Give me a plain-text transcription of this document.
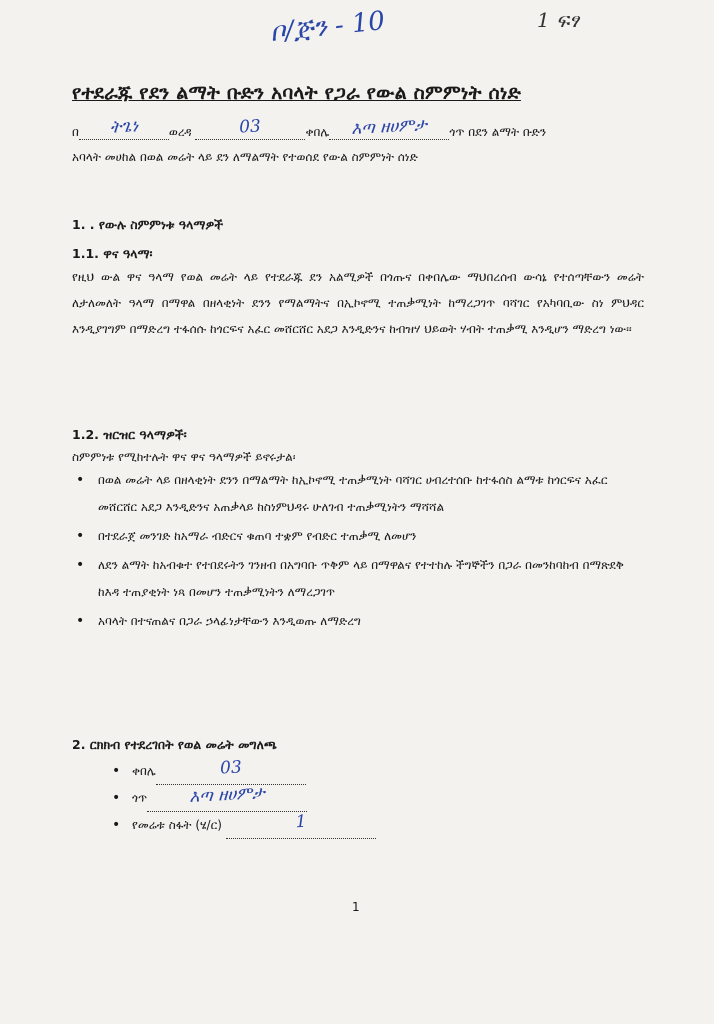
ቦ/ጅን - 10	1 ፍፃ
የተደራጁ የደን ልማት ቡድን አባላት የጋራ የውል ስምምነት ሰነድ
በ ትጌነ	ወረዳ	03	ቀበሌ እጣ ዘሀምታ ጎጥ በደን ልማት ቡድን
አባላት መሀከል በወል መሬት ላይ ደን ለማልማት የተወሰደ የውል ስምምነት ሰነድ
1. . የውሉ ስምምነቱ ዓላማዎች
1.1. ዋና ዓላማ፡
የዚህ ውል ዋና ዓላማ የወል መሬት ላይ የተደራጁ ደን አልሚዎች በጎጡና በቀበሌው ማህበረሰብ ውሳኔ የተሰጣቸውን መሬት ለታለመለት ዓላማ በማዋል በዘላቂነት ደንን የማልማትና በኢኮኖሚ ተጠቃሚነት ከማረጋገጥ ባሻገር የአካባቢው ስነ ምህዳር እንዲያገግም በማድረግ ተፋሰሱ ከጎርፍና አፈር መሸርሸር አደጋ እንዲድንና ከብዝሃ ህይወት ሃብት ተጠቃሚ እንዲሆን ማድረግ ነው፡፡
1.2. ዝርዝር ዓላማዎች፡
ስምምነቱ የሚከተሉት ዋና ዋና ዓላማዎች ይኖሩታል፡
• በወል መሬት ላይ በዘላቂነት ደንን በማልማት ከኢኮኖሚ ተጠቃሚነት ባሻገር ሀብረተሰቡ ከተፋሰስ ልማቱ ከጎርፍና አፈር መሸርሸር አደጋ እንዲድንና አጠቃላይ ከስነምህዳሩ ሁለገብ ተጠቃሚነትን ማሻሻል
• በተደራጀ መንገድ ከአማራ ብድርና ቁጠባ ተቋም የብድር ተጠቃሚ ለመሆን
• ለደን ልማት ከአብቁተ የተበደሩትን ገንዘብ በአግባቡ ጥቅም ላይ በማዋልና የተተከሉ ችግኞችን በጋራ በመንከባከብ በማጽደቅ ከእዳ ተጠያቂነት ነጻ በመሆን ተጠቃሚነትን ለማረጋገጥ
• አባላት በተናጠልና በጋራ ኃላፊነታቸውን እንዲወጡ ለማድረግ
2. ርክክብ የተደረገበት የወል መሬት መግለጫ
• ቀበሌ	03
• ጎጥ እጣ ዘሀምታ
• የመሬቱ ስፋት (ሄ/ር)	1
1
